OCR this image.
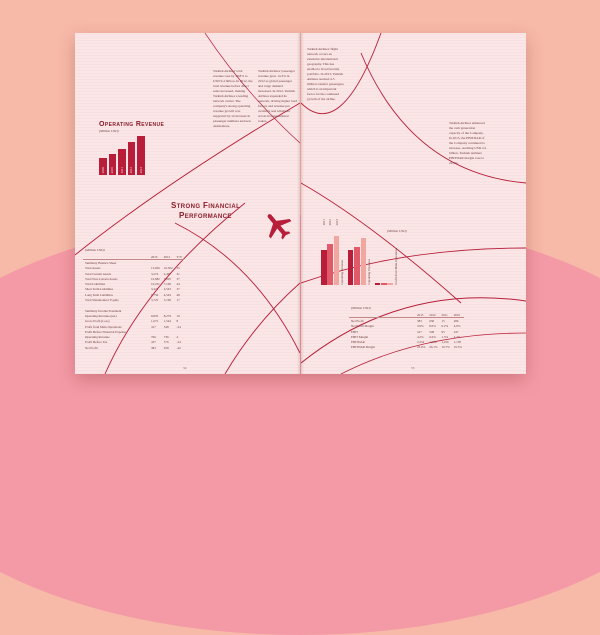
Turkish Airlines' total revenue rose by 18.8% to USD 9.4 billion. In 2012, the total revenue before direct sales increased, making Turkish Airlines a leading network carrier. The company's strong operating revenue growth was supported by an increase in passenger numbers and new destinations.
Turkish Airlines' passenger revenue grew 14.3% in 2012 as global passenger and cargo demand increased. In 2012, Turkish Airlines expanded its network, driving higher load factors and revenue per available seat kilometer across its international routes.
Operating Revenue
(Million USD)
2009 2010 2011 2012 2013
Strong Financial
Performance
(Million USD)
	2013	2012	Y/Y
Summary Balance Sheet			
Total Assets	13,956	10,302	35
Total Current Assets	3,274	2,497	31
Total Non-Current Assets	10,682	7,805	37
Total Liabilities	10,231	7,106	44
Short Term Liabilities	3,472	2,543	37
Long Term Liabilities	6,759	4,563	48
Total Shareholders' Equity	3,725	3,196	17

Summary Income Statement			
Operating Revenue (net)	9,835	8,279	19
Gross Profit (Loss)	1,672	1,544	8
Profit from Main Operations	417	548	-24
Profit Before Financial Expense			
Operating Revenue	766	736	4
Profit Before Tax	437	576	-24
Net Profit	383	658	-42
34
Turkish Airlines' flight network covers an extensive international geography. This has enabled a broad income portfolio. In 2013, Turkish Airlines reached 4.5 million transfer passengers, which is an important factor for the continued growth of the airline.
Turkish Airlines enhanced the cash generation capacity of the Company. In 2013, the EBITDAR of the Company continued to increase, reaching USD 2.2 billion. Turkish Airlines' EBITDAR margin rose to 22.9%.
(Million USD)
Operating Revenue	Operating Expenses	Profit from Main Operations
2011 2012 2013
(Million USD)
	2013	2012	2011	2010
Net Profit	383	658	15	286
Net Profit Margin	3.9%	8.0%	0.2%	4.9%
EBIT	417	548	95	247
EBIT Margin	4.2%	6.6%	1.3%	4.2%
EBITDAR	2,254	1,998	1,256	1,138
EBITDAR Margin	22.9%	24.1%	16.7%	19.5%
35
